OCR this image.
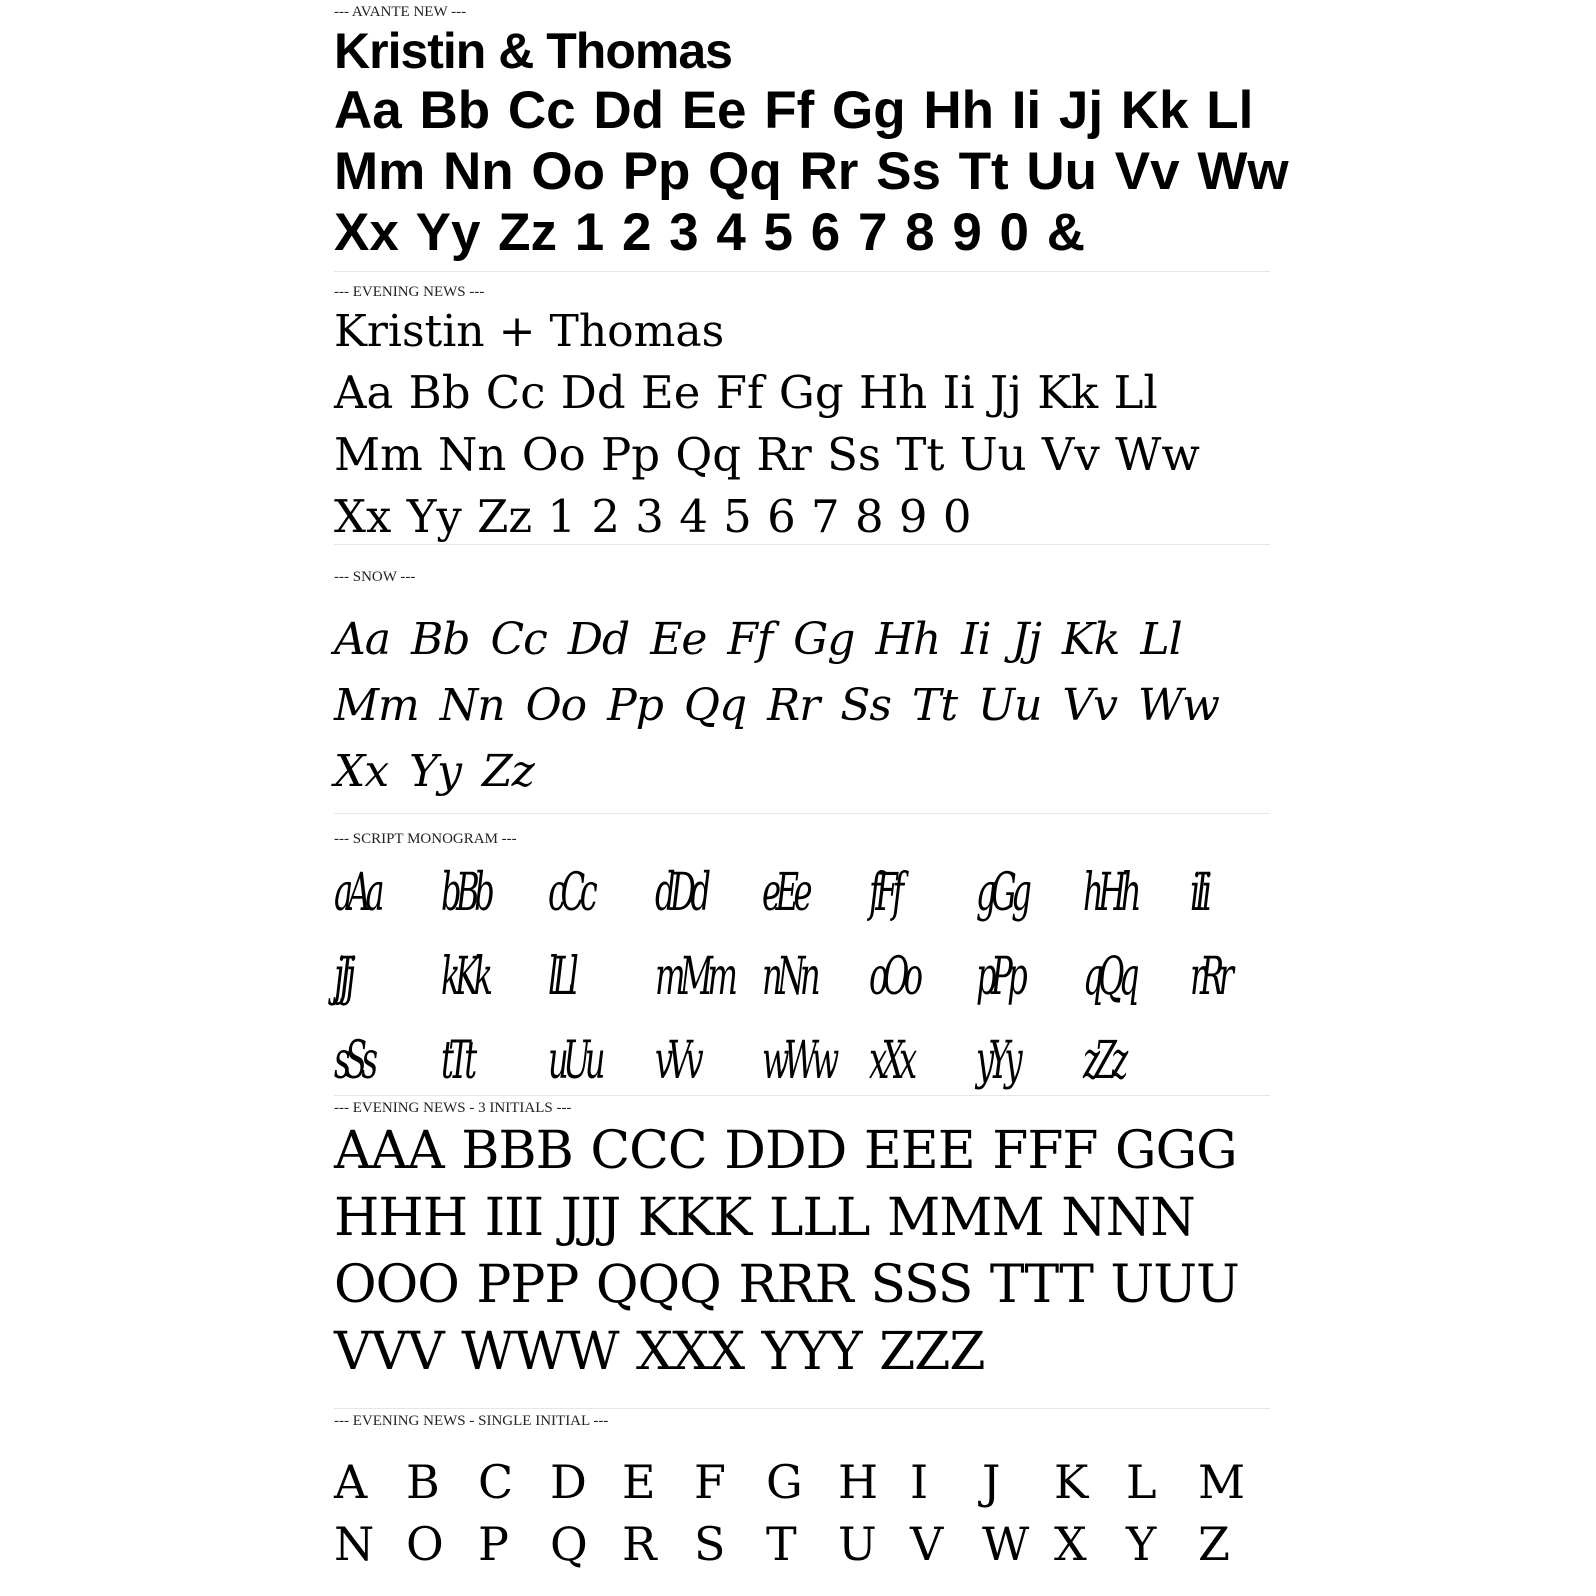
--- AVANTE NEW ---
Kristin & Thomas
Aa Bb Cc Dd Ee Ff Gg Hh Ii Jj Kk Ll
Mm Nn Oo Pp Qq Rr Ss Tt Uu Vv Ww
Xx Yy Zz 1 2 3 4 5 6 7 8 9 0 &
--- EVENING NEWS ---
Kristin + Thomas
Aa Bb Cc Dd Ee Ff Gg Hh Ii Jj Kk Ll
Mm Nn Oo Pp Qq Rr Ss Tt Uu Vv Ww
Xx Yy Zz 1 2 3 4 5 6 7 8 9 0
--- SNOW ---
Aa Bb Cc Dd Ee Ff Gg Hh Ii Jj Kk Ll
Mm Nn Oo Pp Qq Rr Ss Tt Uu Vv Ww
Xx Yy Zz
--- SCRIPT MONOGRAM ---
aAa	bBb	cCc	dDd	eEe	fFf	gGg	hHh iIi
jJj	kKk	lLl	mMm nNn oOo	pPp	qQq rRr
sSs	tTt	uUu vVv	wWw xXx	yYy	zZz
--- EVENING NEWS - 3 INITIALS ---
AAA BBB CCC DDD EEE FFF GGG
HHH III JJJ KKK LLL MMM NNN
OOO PPP QQQ RRR SSS TTT UUU
VVV WWW XXX YYY ZZZ
--- EVENING NEWS - SINGLE INITIAL ---
A B C D E F G H I	J	K L M
N O P Q R S T U V W X Y Z
